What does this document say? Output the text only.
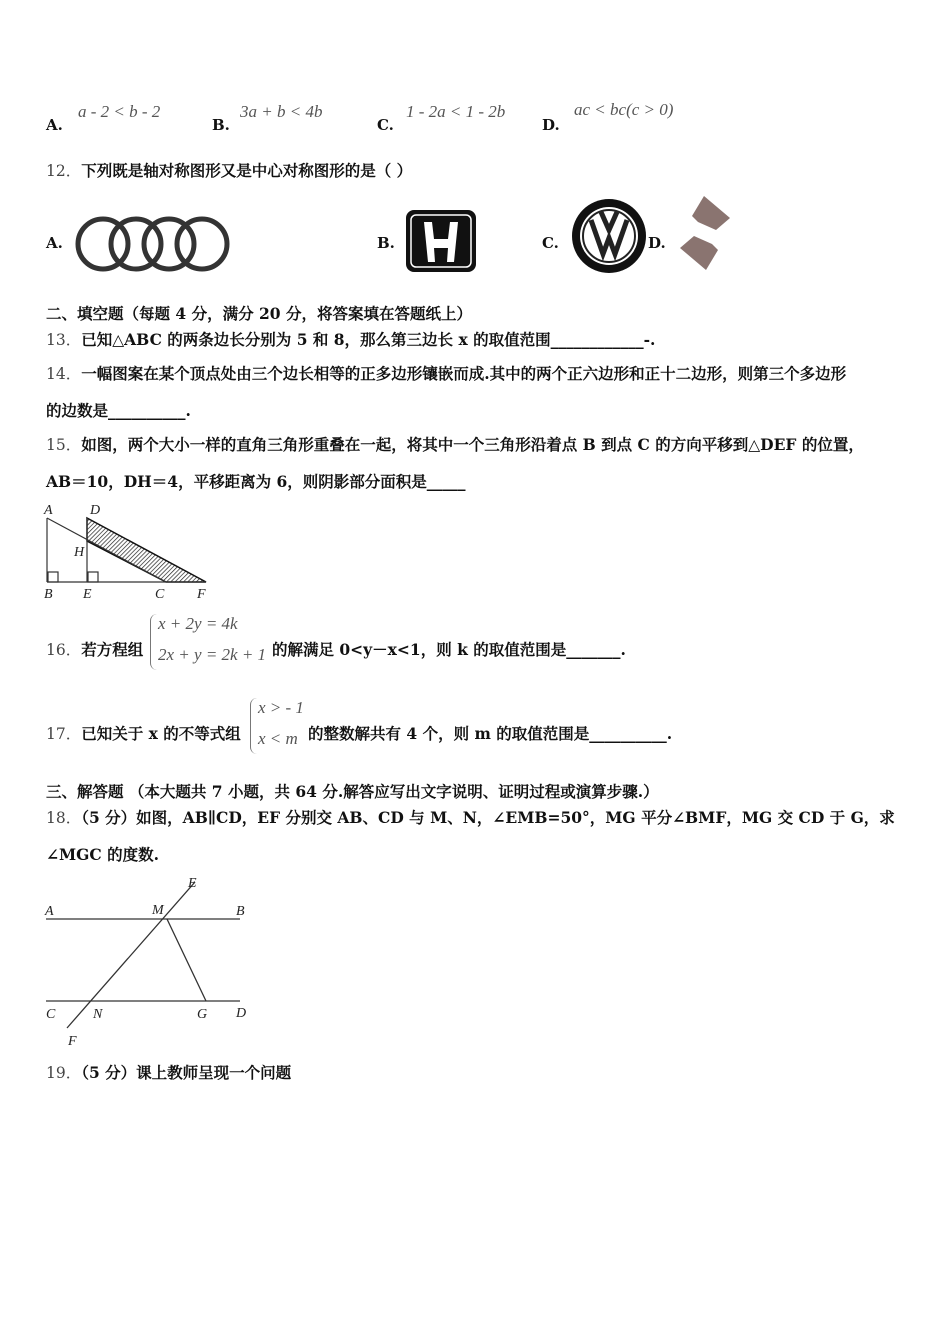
A.
a - 2 < b - 2
B.
3a + b < 4b
C.
1 - 2a < 1 - 2b
D.
ac < bc(c > 0)
12．下列既是轴对称图形又是中心对称图形的是（ ）
A.	B.	C.	D.
二、填空题（每题 4 分，满分 20 分，将答案填在答题纸上）
13．已知△ABC 的两条边长分别为 5 和 8，那么第三边长 x 的取值范围____________-.
14．一幅图案在某个顶点处由三个边长相等的正多边形镶嵌而成.其中的两个正六边形和正十二边形，则第三个多边形
的边数是__________.
15．如图，两个大小一样的直角三角形重叠在一起，将其中一个三角形沿着点 B 到点 C 的方向平移到△DEF 的位置，
AB＝10，DH＝4，平移距离为 6，则阴影部分面积是_____
A	D
H
B E	C F
16．若方程组
x + 2y = 4k
2x + y = 2k + 1 的解满足 0<y－x<1，则 k 的取值范围是_______.
17．已知关于 x 的不等式组
x > - 1
x < m 的整数解共有 4 个，则 m 的取值范围是__________.
三、解答题 （本大题共 7 小题，共 64 分.解答应写出文字说明、证明过程或演算步骤.）
18．（5 分）如图，AB∥CD，EF 分别交 AB、CD 与 M、N，∠EMB=50°，MG 平分∠BMF，MG 交 CD 于 G，求
∠MGC 的度数.
E
A	M	B
C	N	G D
F
19．（5 分）课上教师呈现一个问题
